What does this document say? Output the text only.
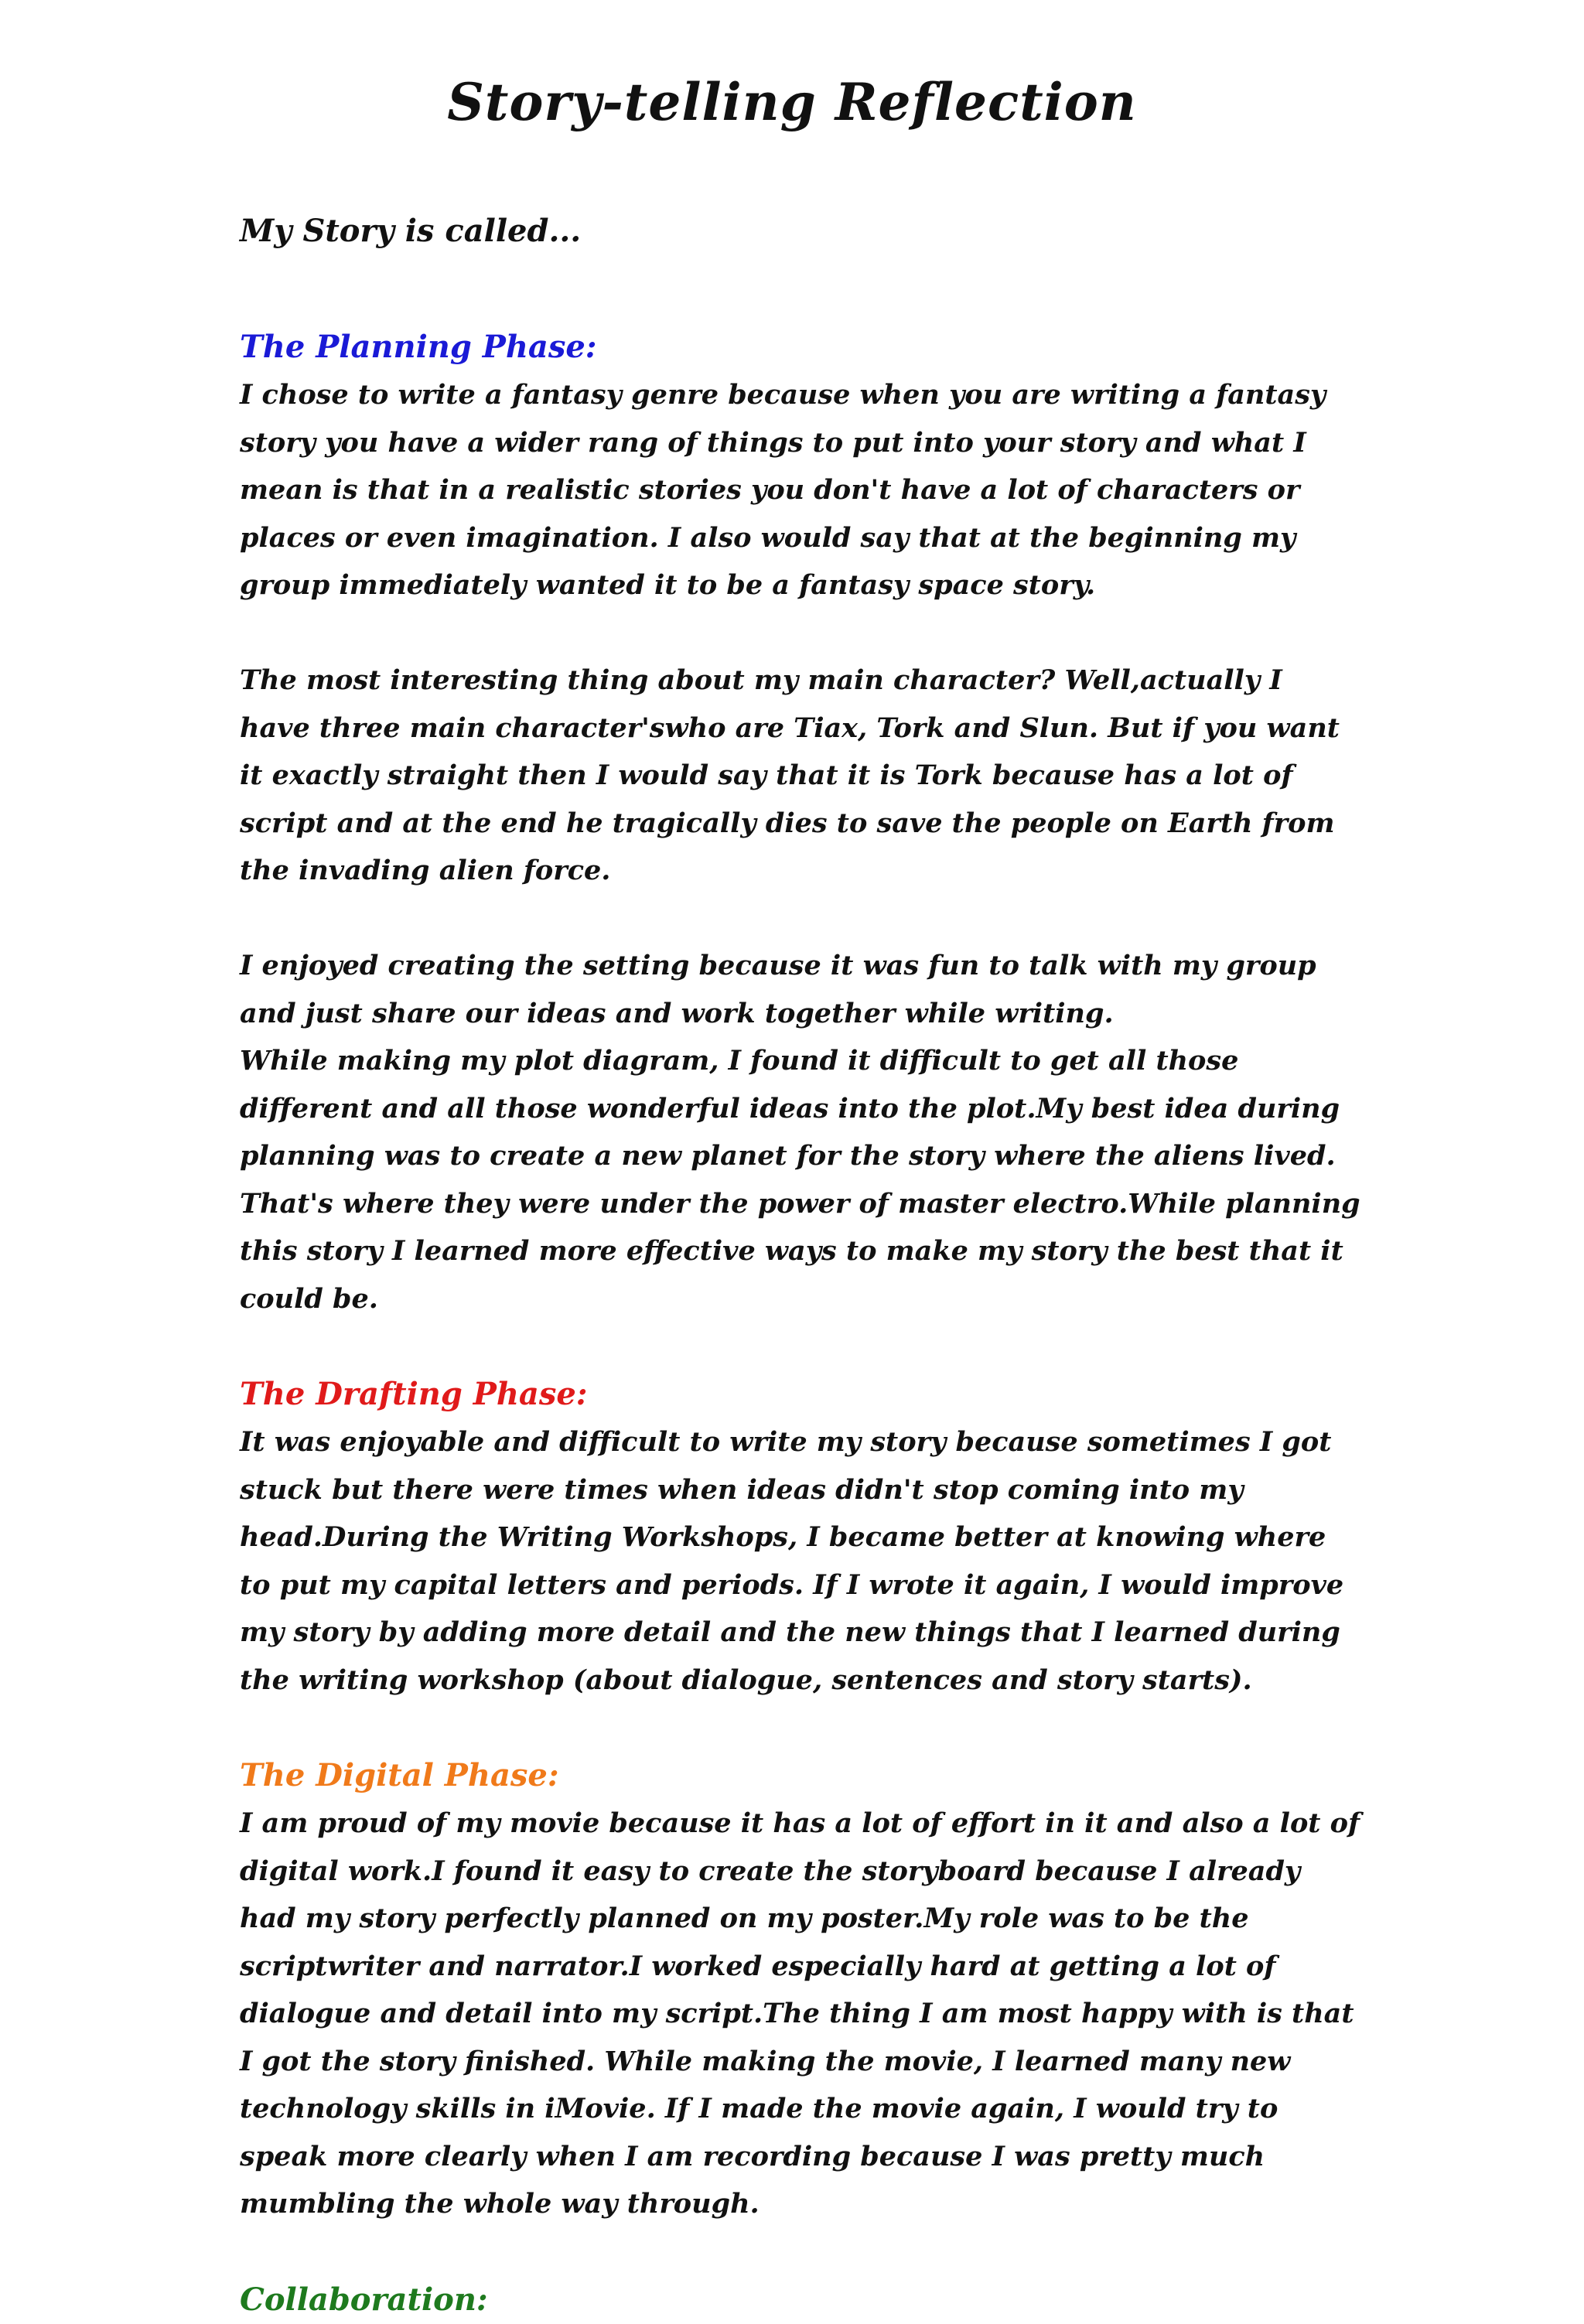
Story-telling Reflection

My Story is called...

The Planning Phase:

I chose to write a fantasy genre because when you are writing a fantasy story you have a wider rang of things to put into your story and what I mean is that in a realistic stories you don't have a lot of characters or places or even imagination. I also would say that at the beginning my group immediately wanted it to be a fantasy space story.

The most interesting thing about my main character? Well,actually I have three main character'swho are Tiax, Tork and Slun. But if you want it exactly straight then I would say that it is Tork because has a lot of script and at the end he tragically dies to save the people on Earth from the invading alien force.

I enjoyed creating the setting because it was fun to talk with my group and just share our ideas and work together while writing.

While making my plot diagram, I found it difficult to get all those different and all those wonderful ideas into the plot.My best idea during planning was to create a new planet for the story where the aliens lived. That's where they were under the power of master electro.While planning this story I learned more effective ways to make my story the best that it could be.

The Drafting Phase:

It was enjoyable and difficult to write my story because sometimes I got stuck but there were times when ideas didn't stop coming into my head.During the Writing Workshops, I became better at knowing where to put my capital letters and periods. If I wrote it again, I would improve my story by adding more detail and the new things that I learned during the writing workshop (about dialogue, sentences and story starts).

The Digital Phase:

I am proud of my movie because it has a lot of effort in it and also a lot of digital work.I found it easy to create the storyboard because I already had my story perfectly planned on my poster.My role was to be the scriptwriter and narrator.I worked especially hard at getting a lot of dialogue and detail into my script.The thing I am most happy with is that I got the story finished. While making the movie, I learned many new technology skills in iMovie. If I made the movie again, I would try to speak more clearly when I am recording because I was pretty much mumbling the whole way through.

Collaboration:
